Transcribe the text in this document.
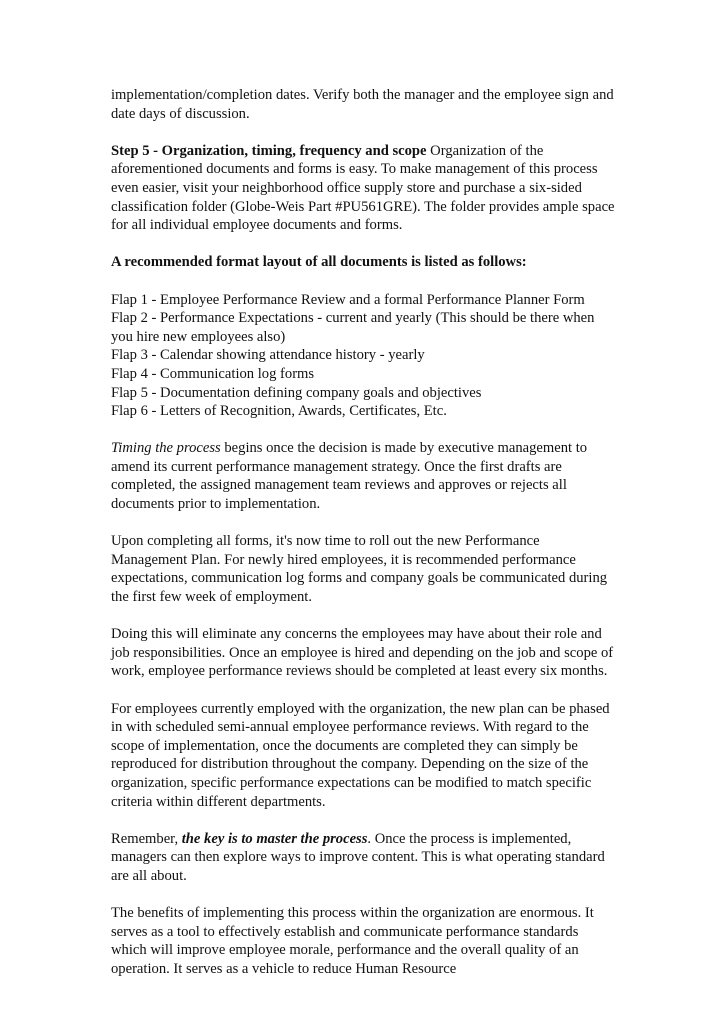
implementation/completion dates. Verify both the manager and the employee sign and
date days of discussion.

Step 5 - Organization, timing, frequency and scope Organization of the
aforementioned documents and forms is easy. To make management of this process
even easier, visit your neighborhood office supply store and purchase a six-sided
classification folder (Globe-Weis Part #PU561GRE). The folder provides ample space
for all individual employee documents and forms.

A recommended format layout of all documents is listed as follows:

Flap 1 - Employee Performance Review and a formal Performance Planner Form
Flap 2 - Performance Expectations - current and yearly (This should be there when
you hire new employees also)
Flap 3 - Calendar showing attendance history - yearly
Flap 4 - Communication log forms
Flap 5 - Documentation defining company goals and objectives
Flap 6 - Letters of Recognition, Awards, Certificates, Etc.

Timing the process begins once the decision is made by executive management to
amend its current performance management strategy. Once the first drafts are
completed, the assigned management team reviews and approves or rejects all
documents prior to implementation.

Upon completing all forms, it's now time to roll out the new Performance
Management Plan. For newly hired employees, it is recommended performance
expectations, communication log forms and company goals be communicated during
the first few week of employment.

Doing this will eliminate any concerns the employees may have about their role and
job responsibilities. Once an employee is hired and depending on the job and scope of
work, employee performance reviews should be completed at least every six months.

For employees currently employed with the organization, the new plan can be phased
in with scheduled semi-annual employee performance reviews. With regard to the
scope of implementation, once the documents are completed they can simply be
reproduced for distribution throughout the company. Depending on the size of the
organization, specific performance expectations can be modified to match specific
criteria within different departments.

Remember, the key is to master the process. Once the process is implemented,
managers can then explore ways to improve content. This is what operating standard
are all about.

The benefits of implementing this process within the organization are enormous. It
serves as a tool to effectively establish and communicate performance standards
which will improve employee morale, performance and the overall quality of an
operation. It serves as a vehicle to reduce Human Resource
